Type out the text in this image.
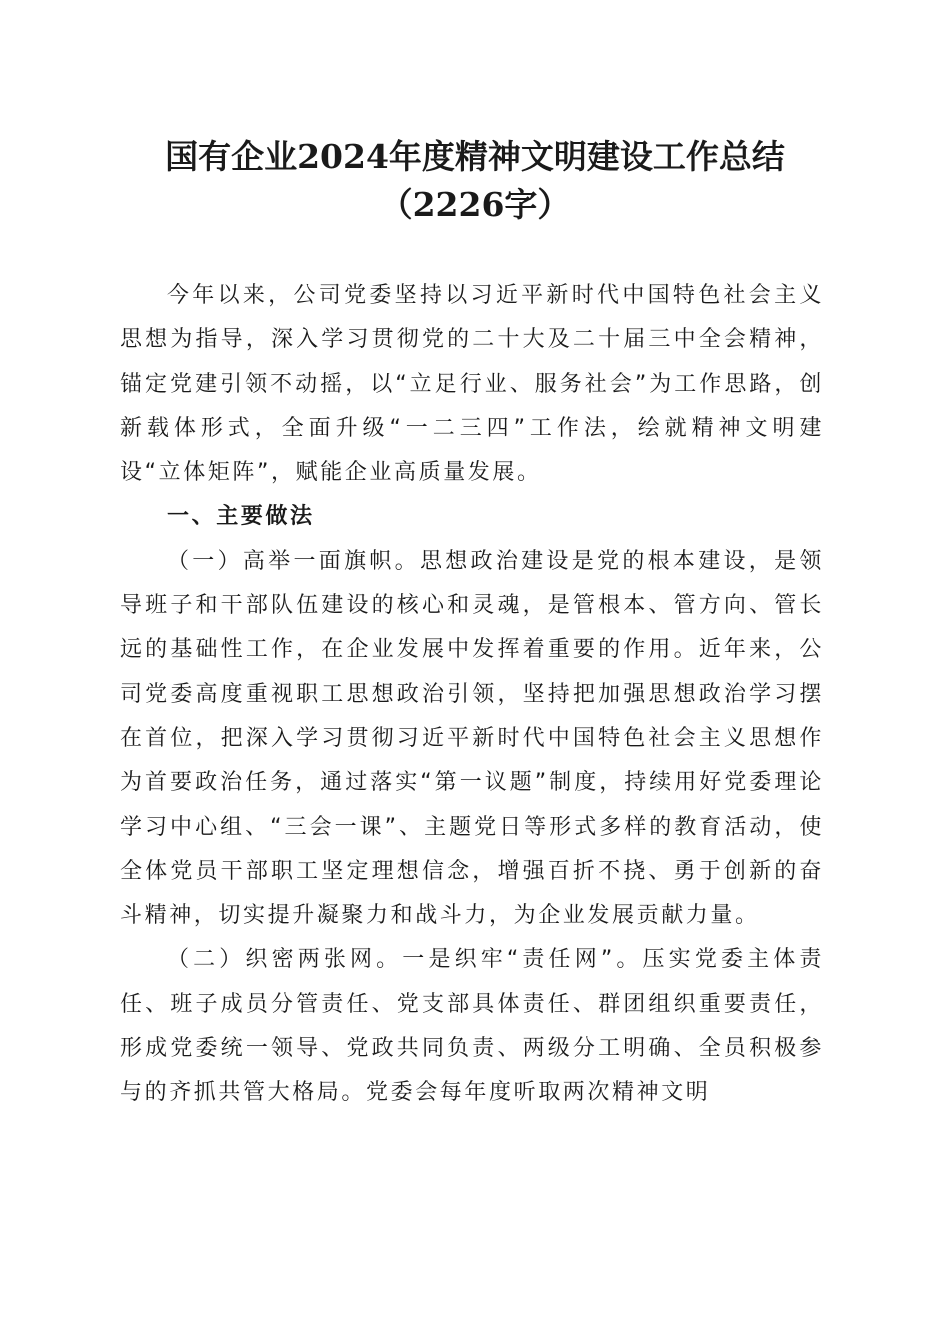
国有企业2024年度精神文明建设工作总结
（2226字）

今年以来，公司党委坚持以习近平新时代中国特色社会主义思想为指导，深入学习贯彻党的二十大及二十届三中全会精神，锚定党建引领不动摇，以“立足行业、服务社会”为工作思路，创新载体形式，全面升级“一二三四”工作法，绘就精神文明建设“立体矩阵”，赋能企业高质量发展。

一、主要做法

（一）高举一面旗帜。思想政治建设是党的根本建设，是领导班子和干部队伍建设的核心和灵魂，是管根本、管方向、管长远的基础性工作，在企业发展中发挥着重要的作用。近年来，公司党委高度重视职工思想政治引领，坚持把加强思想政治学习摆在首位，把深入学习贯彻习近平新时代中国特色社会主义思想作为首要政治任务，通过落实“第一议题”制度，持续用好党委理论学习中心组、“三会一课”、主题党日等形式多样的教育活动，使全体党员干部职工坚定理想信念，增强百折不挠、勇于创新的奋斗精神，切实提升凝聚力和战斗力，为企业发展贡献力量。

（二）织密两张网。一是织牢“责任网”。压实党委主体责任、班子成员分管责任、党支部具体责任、群团组织重要责任，形成党委统一领导、党政共同负责、两级分工明确、全员积极参与的齐抓共管大格局。党委会每年度听取两次精神文明
